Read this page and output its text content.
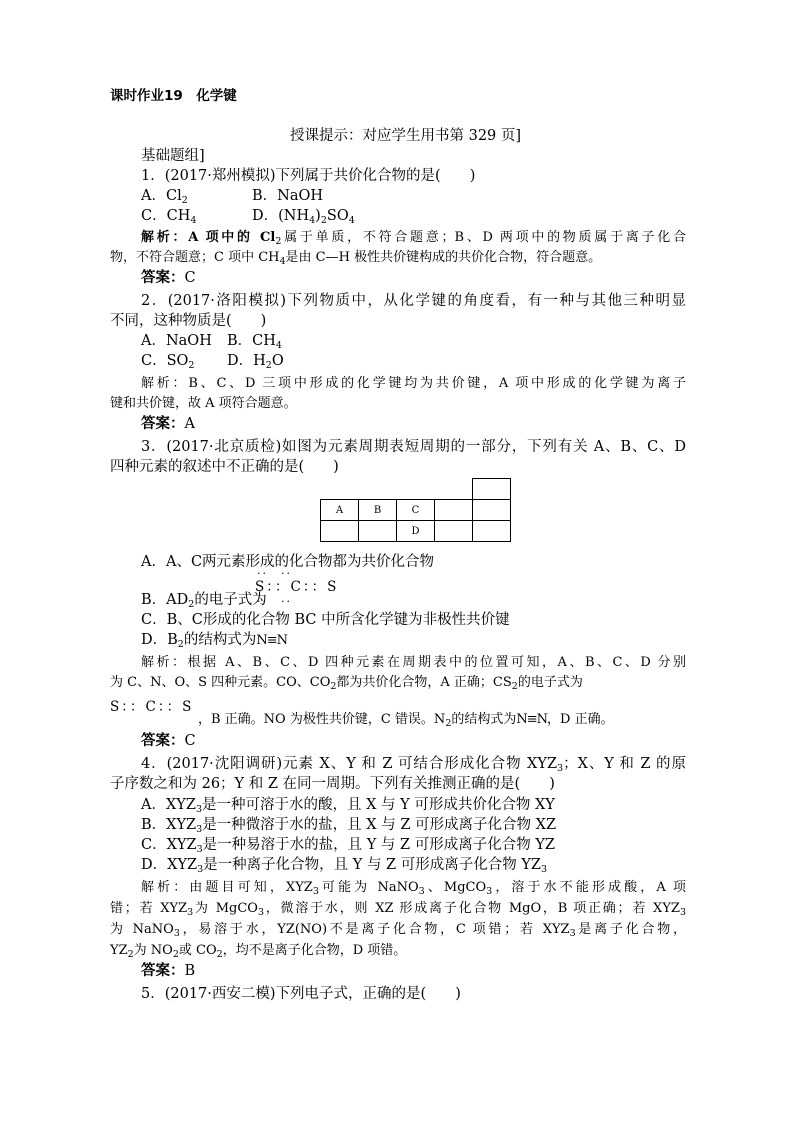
课时作业19　化学键
授课提示：对应学生用书第 329 页]
基础题组]
1．(2017·郑州模拟)下列属于共价化合物的是(　　)
A．$Cl_2$	B．NaOH
C．$CH_4$	D．$(NH_4)_2SO_4$
解析：A 项中的 $Cl_2$属于单质，不符合题意；B、D 两项中的物质属于离子化合
物，不符合题意；C 项中 $CH_4$是由 C—H 极性共价键构成的共价化合物，符合题意。
答案：C
2．(2017·洛阳模拟)下列物质中，从化学键的角度看，有一种与其他三种明显
不同，这种物质是(　　)
A．NaOH B．$CH_4$
C．$SO_2$ D．$H_2O$
解析：B、C、D 三项中形成的化学键均为共价键，A 项中形成的化学键为离子
键和共价键，故 A 项符合题意。
答案：A
3．(2017·北京质检)如图为元素周期表短周期的一部分，下列有关 A、B、C、D
四种元素的叙述中不正确的是(　　)

A	B	C		
		D		
A．A、C两元素形成的化合物都为共价化合物
··　··
S：：C：：S
··　··
B．$AD_2$的电子式为
C．B、C形成的化合物 BC 中所含化学键为非极性共价键
D．$B_2$的结构式为N≡N
解析：根据 A、B、C、D 四种元素在周期表中的位置可知，A、B、C、D 分别
为 C、N、O、S 四种元素。CO、$CO_2$都为共价化合物，A 正确；$CS_2$的电子式为
S：：C：：S
，B 正确。NO 为极性共价键，C 错误。$N_2$的结构式为N≡N，D 正确。
答案：C
4．(2017·沈阳调研)元素 X、Y 和 Z 可结合形成化合物 $XYZ_3$；X、Y 和 Z 的原
子序数之和为 26；Y 和 Z 在同一周期。下列有关推测正确的是(　　)
A．$XYZ_3$是一种可溶于水的酸，且 X 与 Y 可形成共价化合物 XY
B．$XYZ_3$是一种微溶于水的盐，且 X 与 Z 可形成离子化合物 XZ
C．$XYZ_3$是一种易溶于水的盐，且 Y 与 Z 可形成离子化合物 YZ
D．$XYZ_3$是一种离子化合物，且 Y 与 Z 可形成离子化合物 $YZ_3$
解析：由题目可知，$XYZ_3$可能为 NaNO$_3$、MgCO$_3$，溶于水不能形成酸，A 项
错；若 $XYZ_3$为 MgCO$_3$，微溶于水，则 XZ 形成离子化合物 MgO，B 项正确；若 $XYZ_3$
为 NaNO$_3$，易溶于水，YZ(NO)不是离子化合物，C 项错；若 $XYZ_3$是离子化合物，
$YZ_2$为 $NO_2$或 $CO_2$，均不是离子化合物，D 项错。
答案：B
5．(2017·西安二模)下列电子式，正确的是(　　)
